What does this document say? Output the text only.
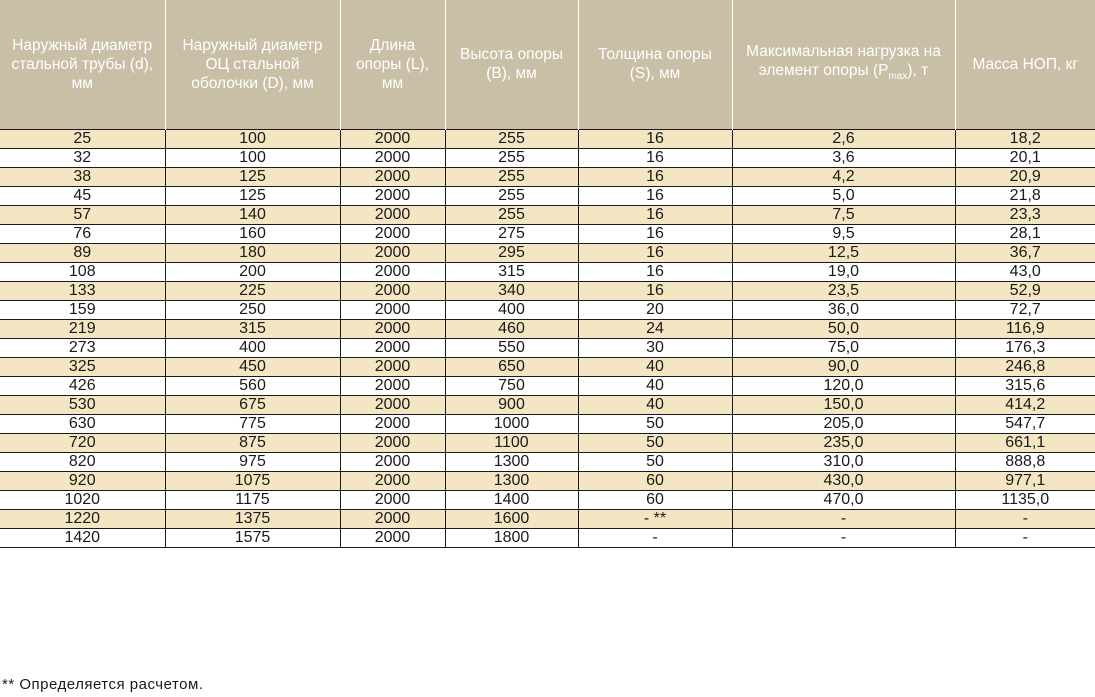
Наружный диаметр стальной трубы (d), мм	Наружный диаметр ОЦ стальной оболочки (D), мм	Длина опоры (L), мм	Высота опоры (B), мм	Толщина опоры (S), мм	Максимальная нагрузка на элемент опоры $(P_{max})$, т	Масса НОП, кг
25	100	2000	255	16	2,6	18,2
32	100	2000	255	16	3,6	20,1
38	125	2000	255	16	4,2	20,9
45	125	2000	255	16	5,0	21,8
57	140	2000	255	16	7,5	23,3
76	160	2000	275	16	9,5	28,1
89	180	2000	295	16	12,5	36,7
108	200	2000	315	16	19,0	43,0
133	225	2000	340	16	23,5	52,9
159	250	2000	400	20	36,0	72,7
219	315	2000	460	24	50,0	116,9
273	400	2000	550	30	75,0	176,3
325	450	2000	650	40	90,0	246,8
426	560	2000	750	40	120,0	315,6
530	675	2000	900	40	150,0	414,2
630	775	2000	1000	50	205,0	547,7
720	875	2000	1100	50	235,0	661,1
820	975	2000	1300	50	310,0	888,8
920	1075	2000	1300	60	430,0	977,1
1020	1175	2000	1400	60	470,0	1135,0
1220	1375	2000	1600	- **	-	-
1420	1575	2000	1800	-	-	-
** Определяется расчетом.
